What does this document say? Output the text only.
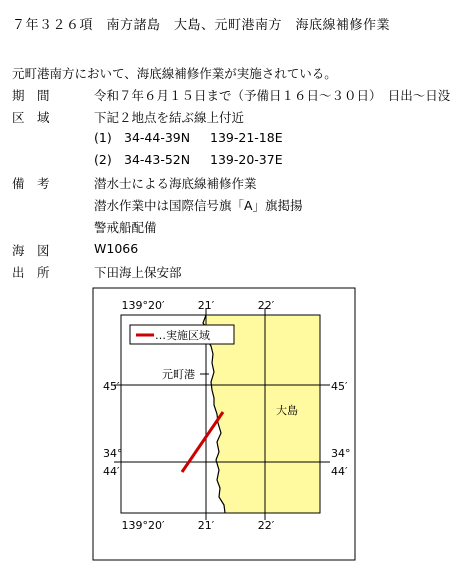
７年３２６項　南方諸島　大島、元町港南方　海底線補修作業
元町港南方において、海底線補修作業が実施されている。
期　間	令和７年６月１５日まで（予備日１６日～３０日）　日出～日没
区　域	下記２地点を結ぶ線上付近
(1) 34-44-39N 139-21-18E
(2) 34-43-52N 139-20-37E
備　考	潜水士による海底線補修作業
潜水作業中は国際信号旗「A」旗掲揚
警戒船配備
海　図	W1066
出　所	下田海上保安部
…実施区域
139°20′	21′	22′
139°20′	21′	22′
45′
34°
44′
45′
34°
44′
元町港
大島
